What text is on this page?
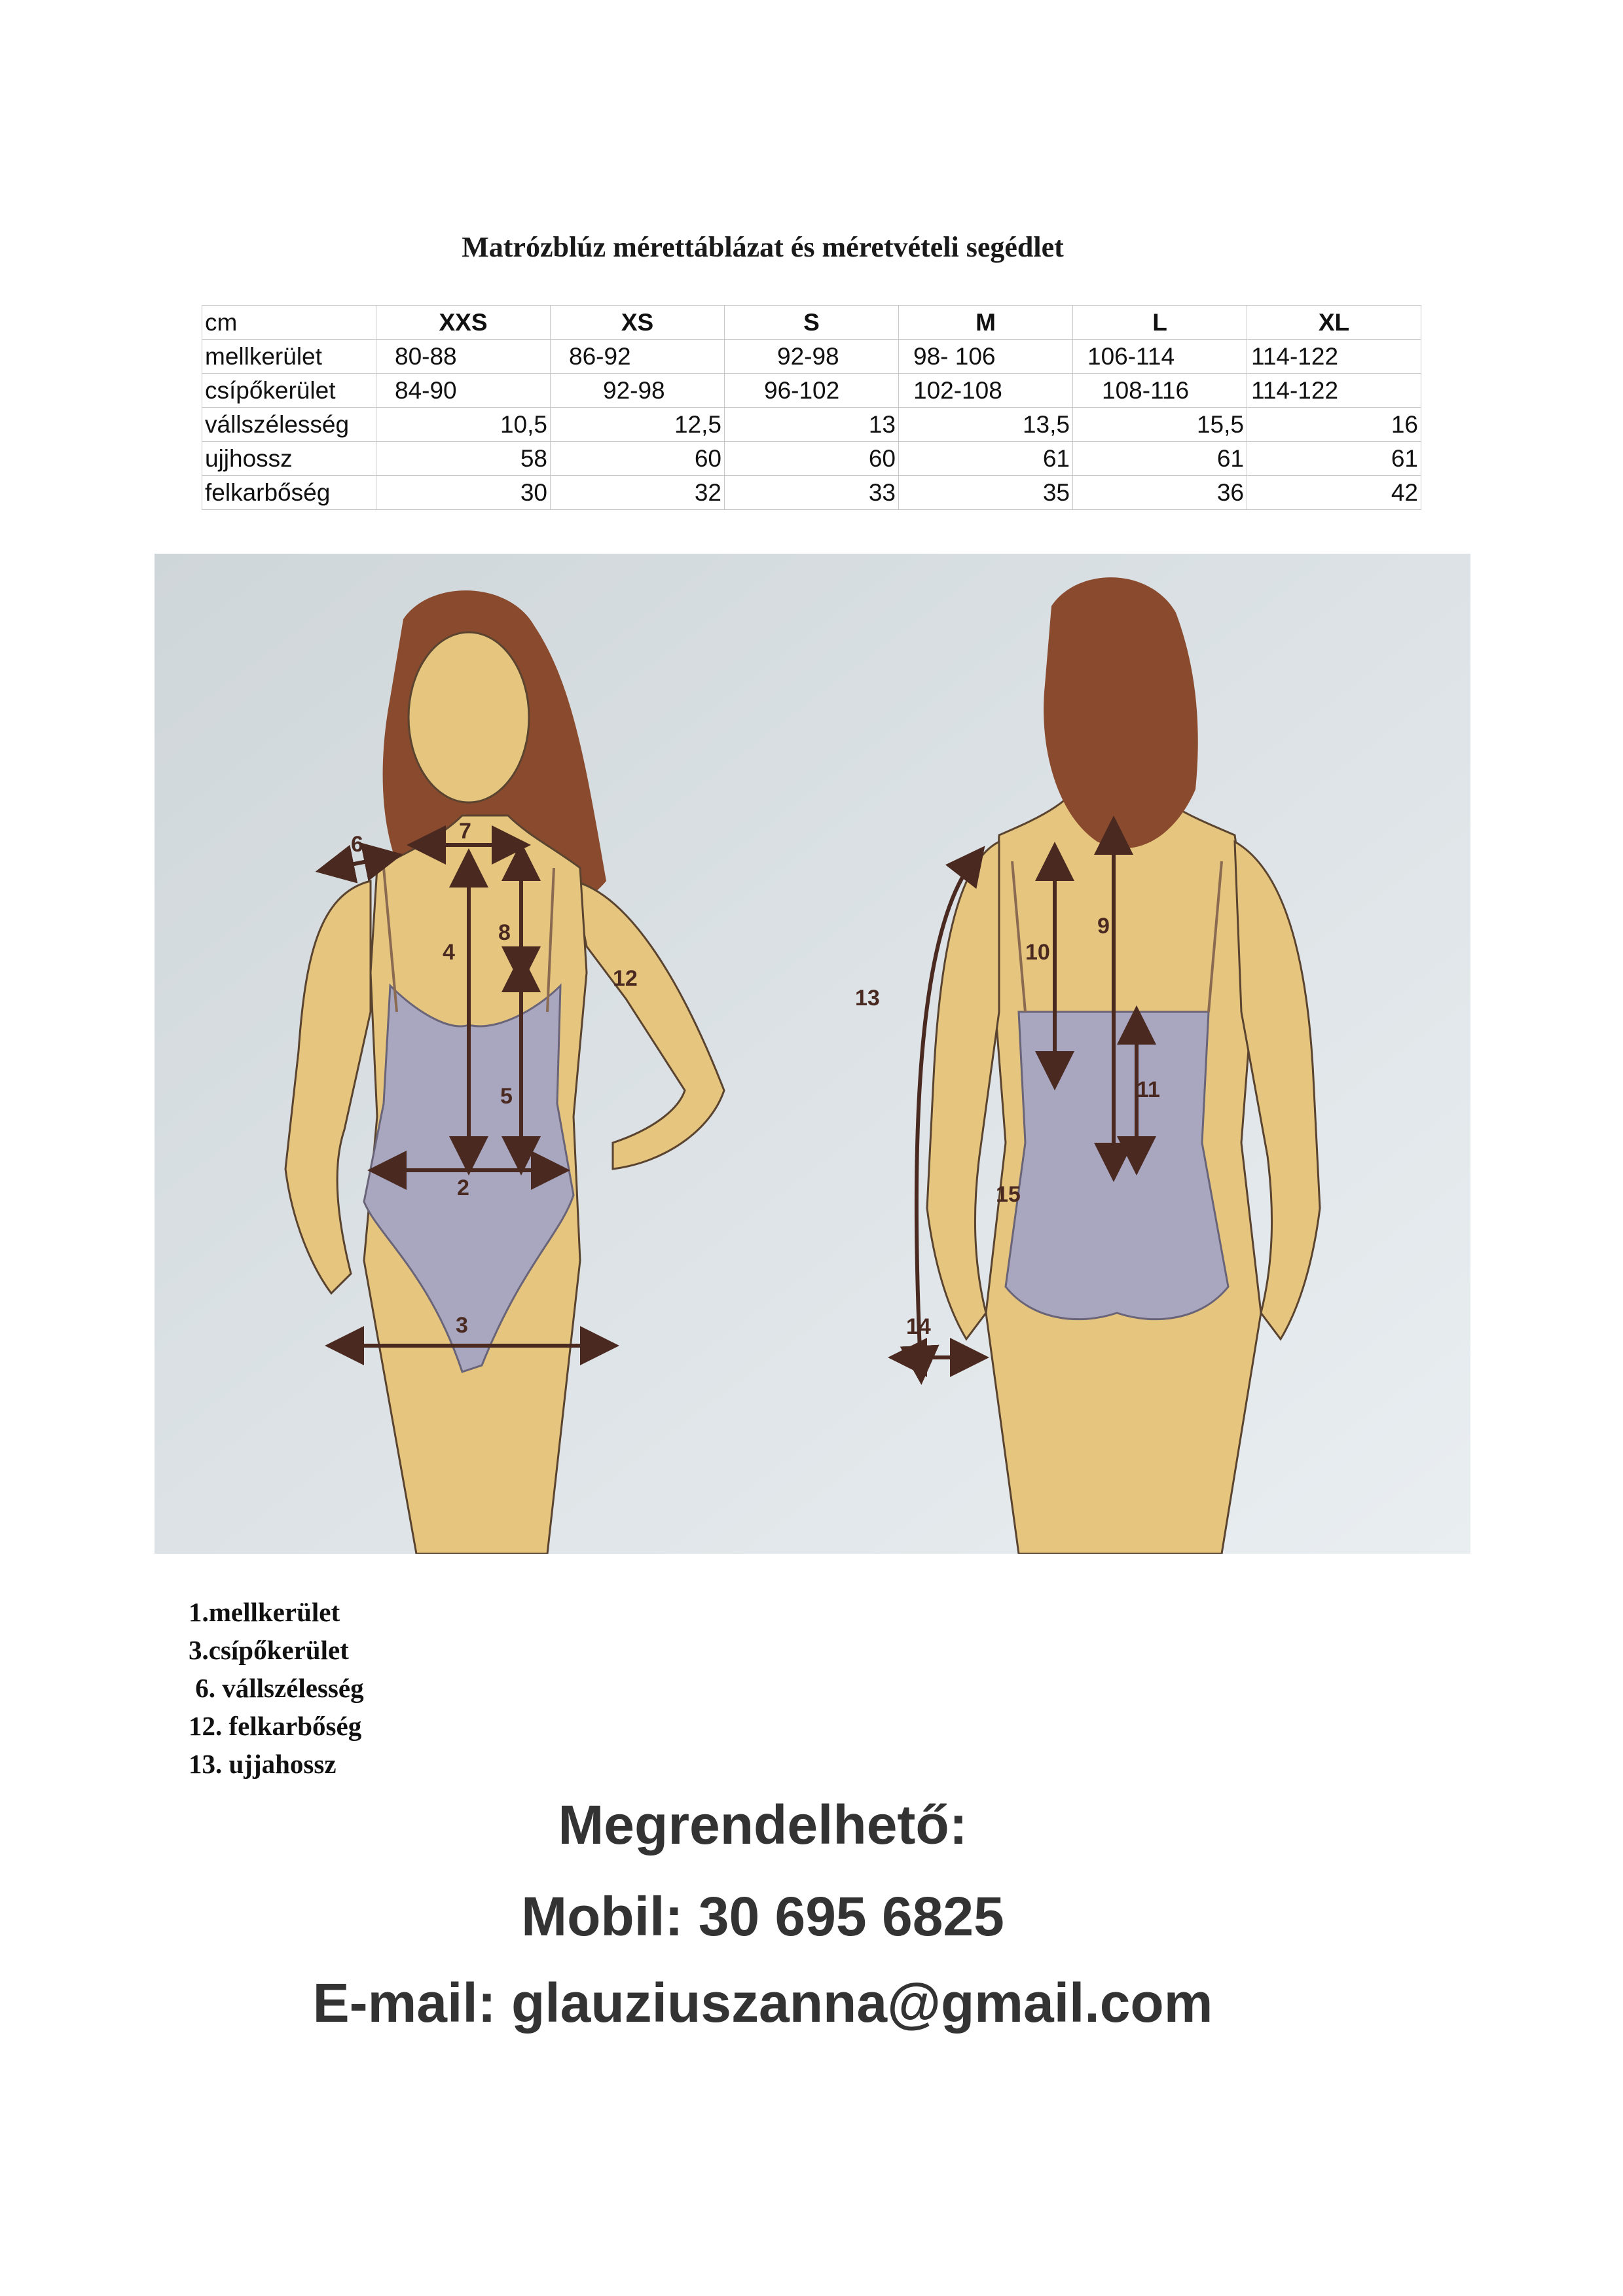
Matrózblúz mérettáblázat és méretvételi segédlet
cm	XXS	XS	S	M	L	XL
mellkerület	80-88	86-92	92-98	98- 106	106-114	114-122
csípőkerület	84-90	92-98	96-102	102-108	108-116	114-122
vállszélesség	10,5	12,5	13	13,5	15,5	16
ujjhossz	58	60	60	61	61	61
felkarbőség	30	32	33	35	36	42
2
3
4
5
6
7
8	9
10
11
12
13
14
15
1.mellkerület
3.csípőkerület
6. vállszélesség
12. felkarbőség
13. ujjahossz
Megrendelhető:
Mobil: 30 695 6825
E-mail: glauziuszanna@gmail.com
